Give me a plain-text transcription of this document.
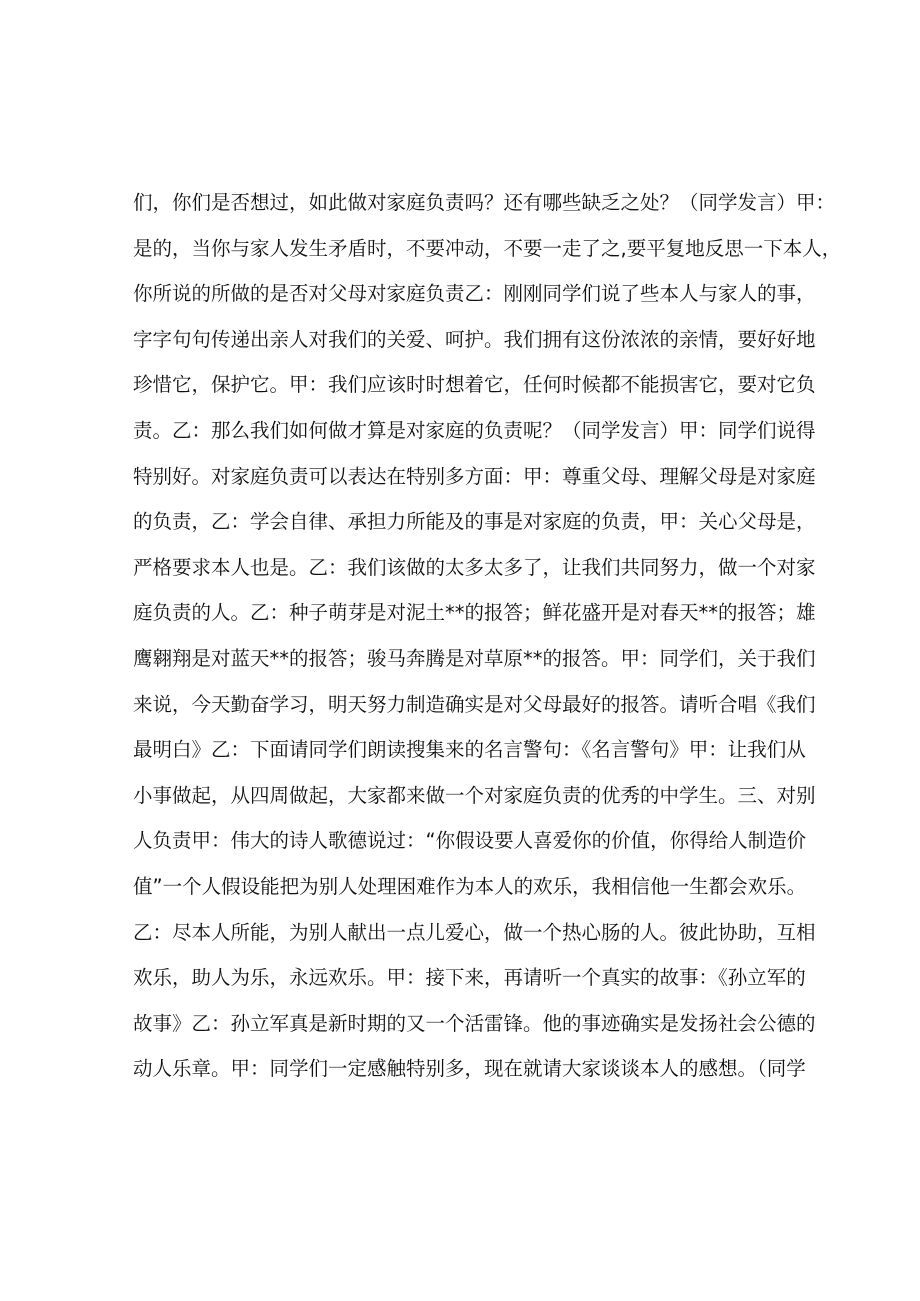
们，你们是否想过，如此做对家庭负责吗？还有哪些缺乏之处？（同学发言）甲：
是的，当你与家人发生矛盾时，不要冲动，不要一走了之,要平复地反思一下本人，
你所说的所做的是否对父母对家庭负责乙：刚刚同学们说了些本人与家人的事，
字字句句传递出亲人对我们的关爱、呵护。我们拥有这份浓浓的亲情，要好好地
珍惜它，保护它。甲：我们应该时时想着它，任何时候都不能损害它，要对它负
责。乙：那么我们如何做才算是对家庭的负责呢？（同学发言）甲：同学们说得
特别好。对家庭负责可以表达在特别多方面：甲：尊重父母、理解父母是对家庭
的负责，乙：学会自律、承担力所能及的事是对家庭的负责，甲：关心父母是，
严格要求本人也是。乙：我们该做的太多太多了，让我们共同努力，做一个对家
庭负责的人。乙：种子萌芽是对泥土**的报答；鲜花盛开是对春天**的报答；雄
鹰翱翔是对蓝天**的报答；骏马奔腾是对草原**的报答。甲：同学们，关于我们
来说，今天勤奋学习，明天努力制造确实是对父母最好的报答。请听合唱《我们
最明白》乙：下面请同学们朗读搜集来的名言警句：《名言警句》甲：让我们从
小事做起，从四周做起，大家都来做一个对家庭负责的优秀的中学生。三、对别
人负责甲：伟大的诗人歌德说过：“你假设要人喜爱你的价值，你得给人制造价
值”一个人假设能把为别人处理困难作为本人的欢乐，我相信他一生都会欢乐。
乙：尽本人所能，为别人献出一点儿爱心，做一个热心肠的人。彼此协助，互相
欢乐，助人为乐，永远欢乐。甲：接下来，再请听一个真实的故事：《孙立军的
故事》乙：孙立军真是新时期的又一个活雷锋。他的事迹确实是发扬社会公德的
动人乐章。甲：同学们一定感触特别多，现在就请大家谈谈本人的感想。（同学
